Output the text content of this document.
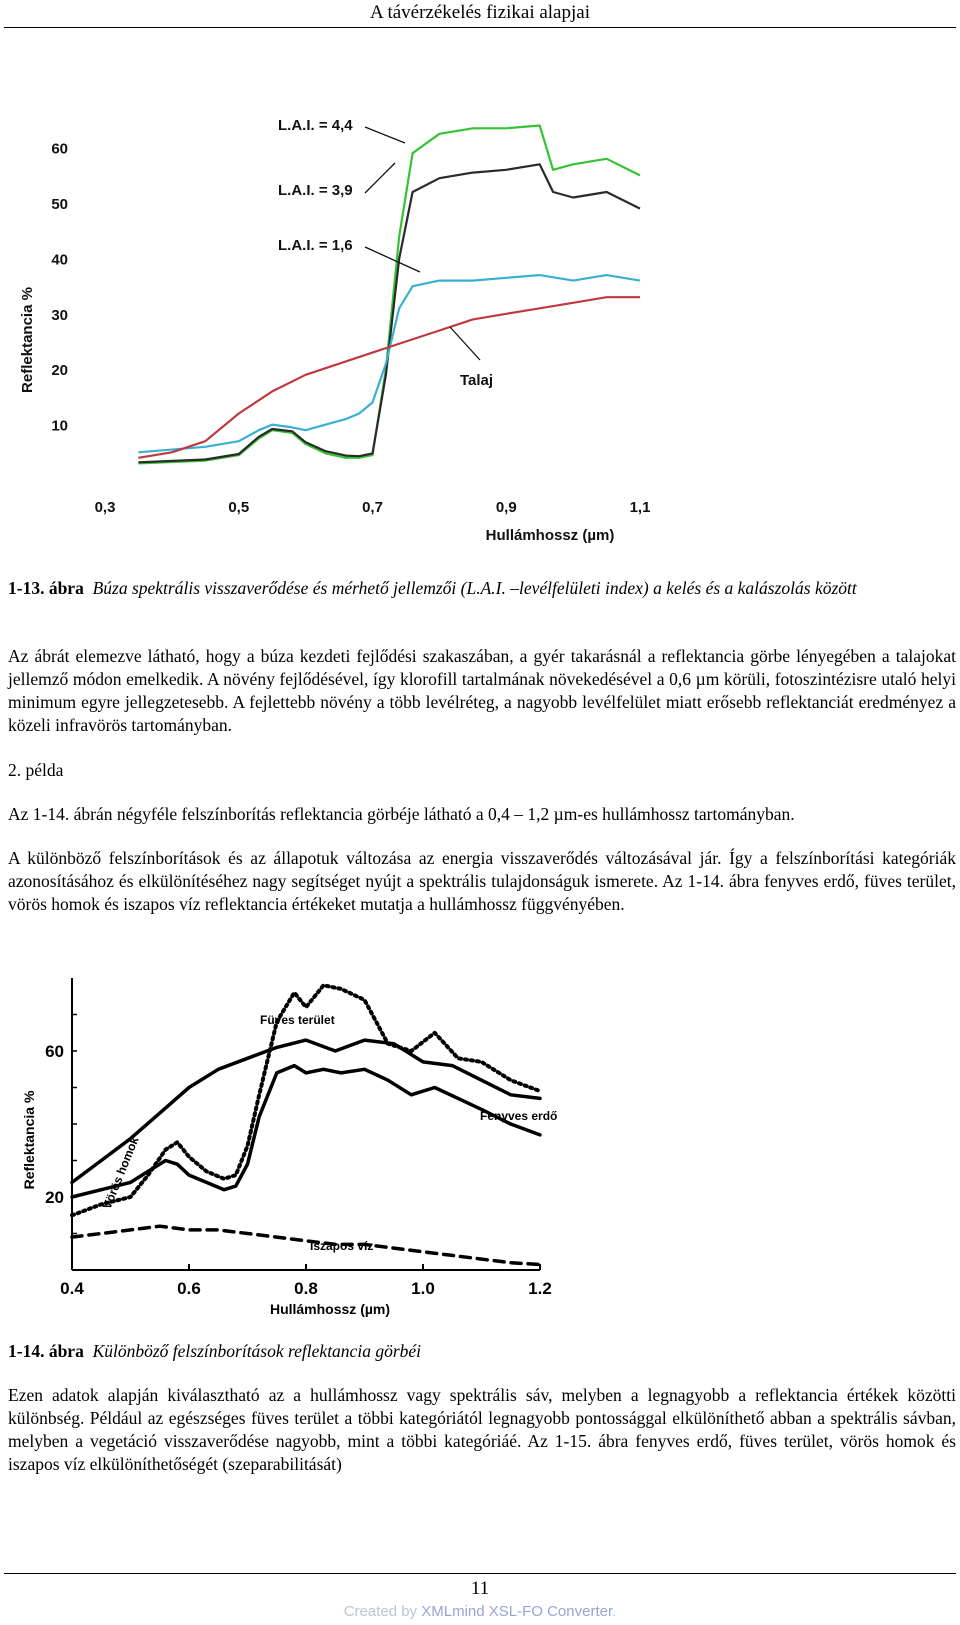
A távérzékelés fizikai alapjai
0,3	0,5	0,7	0,9	1,1
10
20
30
40
50
60
Hullámhossz (µm)
Reflektancia %
L.A.I. = 4,4
L.A.I. = 3,9
L.A.I. = 1,6
Talaj
1-13. ábra Búza spektrális visszaverődése és mérhető jellemzői (L.A.I. –levélfelületi index) a kelés és a kalászolás között

Az ábrát elemezve látható, hogy a búza kezdeti fejlődési szakaszában, a gyér takarásnál a reflektancia görbe lényegében a talajokat jellemző módon emelkedik. A növény fejlődésével, így klorofill tartalmának növekedésével a 0,6 µm körüli, fotoszintézisre utaló helyi minimum egyre jellegzetesebb. A fejlettebb növény a több levélréteg, a nagyobb levélfelület miatt erősebb reflektanciát eredményez a közeli infravörös tartományban.

2. példa

Az 1-14. ábrán négyféle felszínborítás reflektancia görbéje látható a 0,4 – 1,2 µm-es hullámhossz tartományban.

A különböző felszínborítások és az állapotuk változása az energia visszaverődés változásával jár. Így a felszínborítási kategóriák azonosításához és elkülönítéséhez nagy segítséget nyújt a spektrális tulajdonságuk ismerete. Az 1-14. ábra fenyves erdő, füves terület, vörös homok és iszapos víz reflektancia értékeket mutatja a hullámhossz függvényében.

0.4	0.6	0.8	1.0	1.2
20
60
Hullámhossz (µm)
Reflektancia %
Füves terület
Fenyves erdő
Vörös homok
Iszapos víz
1-14. ábra Különböző felszínborítások reflektancia görbéi

Ezen adatok alapján kiválasztható az a hullámhossz vagy spektrális sáv, melyben a legnagyobb a reflektancia értékek közötti különbség. Például az egészséges füves terület a többi kategóriától legnagyobb pontossággal elkülöníthető abban a spektrális sávban, melyben a vegetáció visszaverődése nagyobb, mint a többi kategóriáé. Az 1-15. ábra fenyves erdő, füves terület, vörös homok és iszapos víz elkülöníthetőségét (szeparabilitását)

11
Created by XMLmind XSL-FO Converter.
